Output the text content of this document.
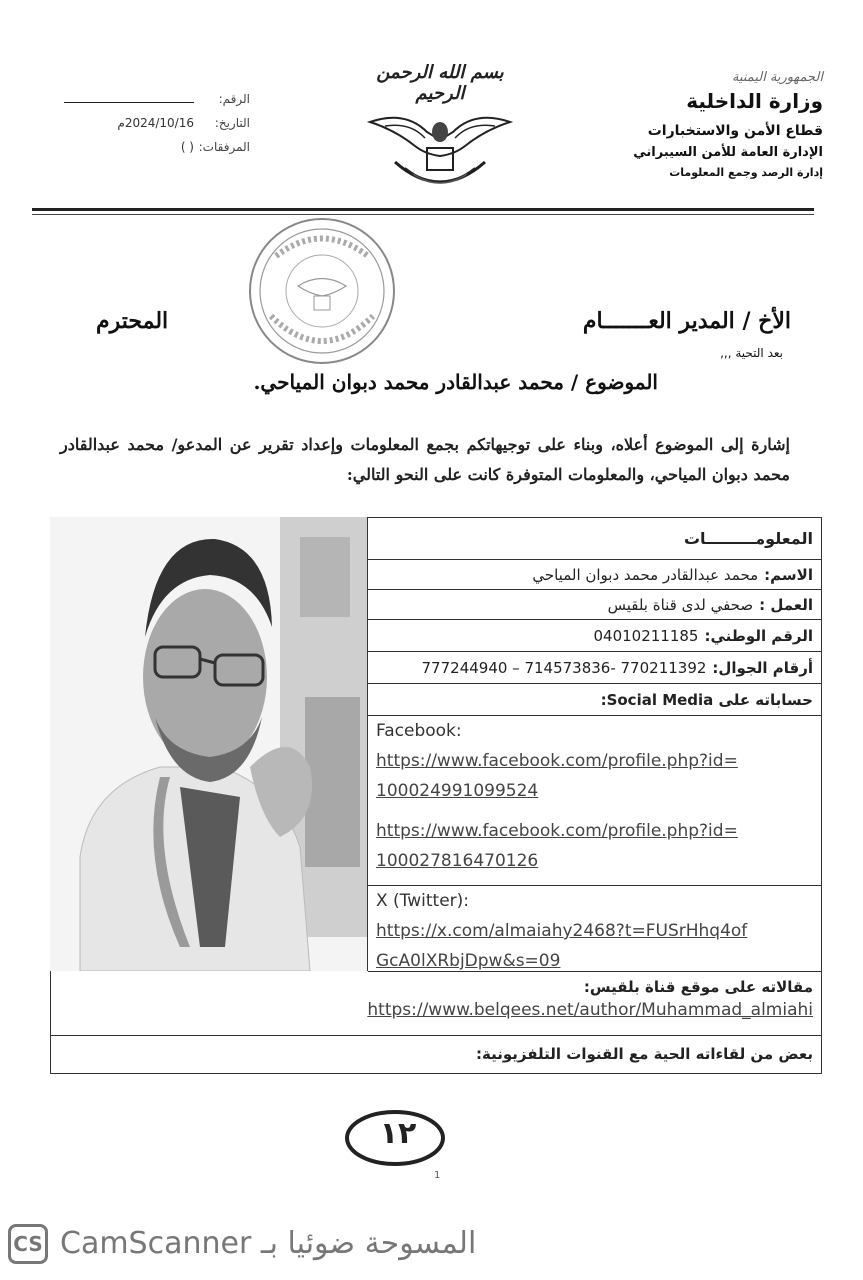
الجمهورية اليمنية
وزارة الداخلية
قطاع الأمن والاستخبارات
الإدارة العامة للأمن السيبراني
إدارة الرصد وجمع المعلومات
بسم الله الرحمن الرحيم
الرقم:
التاريخ:
2024/10/16م
المرفقات:
( )
الأخ / المدير العـــــــام
المحترم
بعد التحية ,,,
الموضوع / محمد عبدالقادر محمد دبوان المياحي.
إشارة إلى الموضوع أعلاه، وبناء على توجيهاتكم بجمع المعلومات وإعداد تقرير عن المدعو/ محمد عبدالقادر محمد دبوان المياحي، والمعلومات المتوفرة كانت على النحو التالي:
المعلومـــــــــات
الاسم:
محمد عبدالقادر محمد دبوان المياحي
العمل :
صحفي لدى قناة بلقيس
الرقم الوطني:
04010211185
أرقام الجوال:
777244940 – 714573836- 770211392
حساباته على Social Media:
Facebook:
https://www.facebook.com/profile.php?id=
100024991099524
https://www.facebook.com/profile.php?id=
100027816470126
X (Twitter):
https://x.com/almaiahy2468?t=FUSrHhq4of
GcA0lXRbjDpw&s=09
مقالاته على موقع قناة بلقيس:
https://www.belqees.net/author/Muhammad_almiahi
بعض من لقاءاته الحية مع القنوات التلفزيونية:
١٢
1
CS CamScanner المسوحة ضوئيا بـ
